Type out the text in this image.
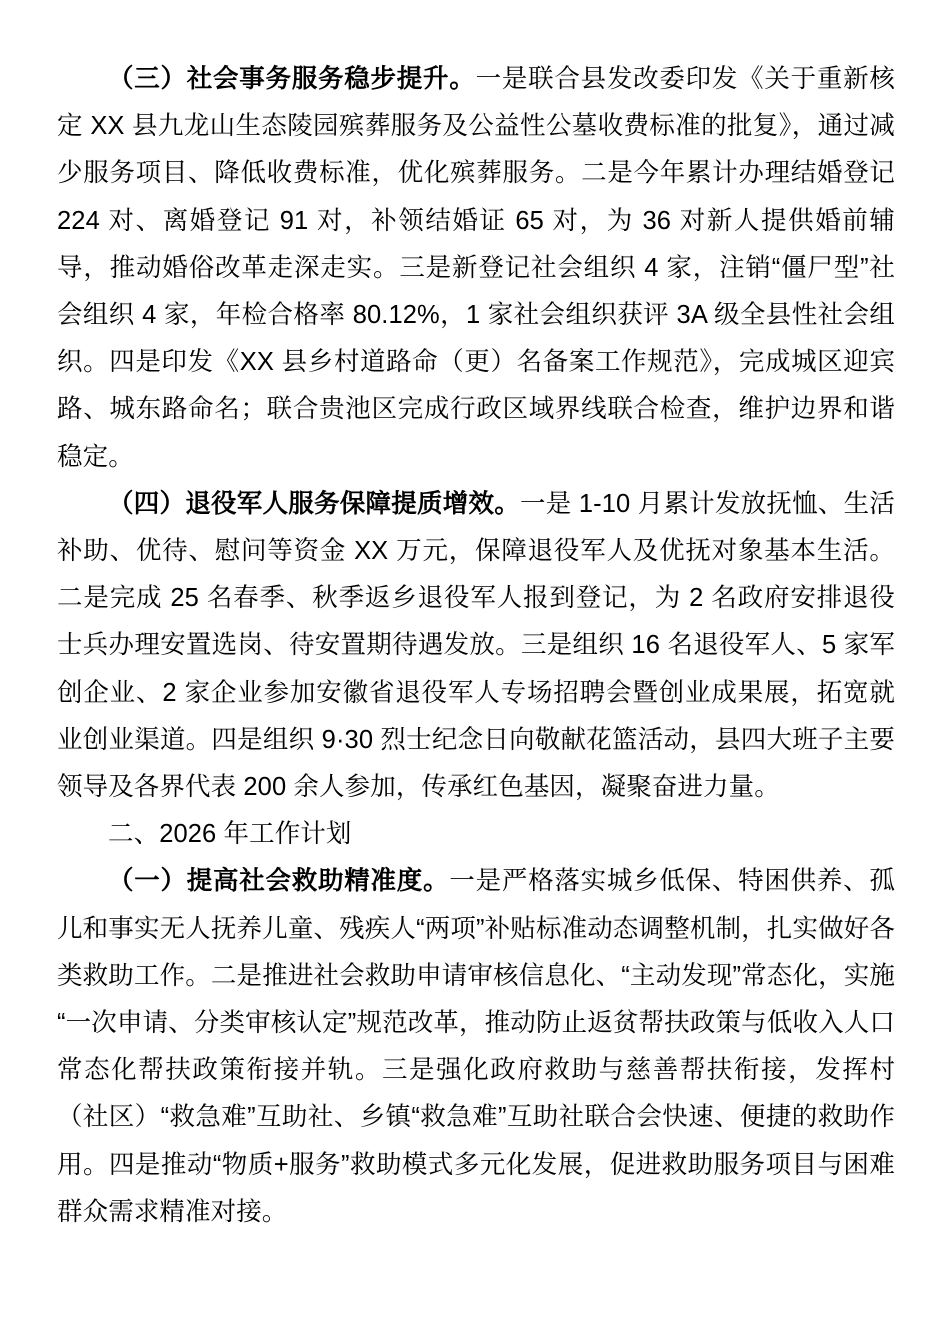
（三）社会事务服务稳步提升。一是联合县发改委印发《关于重新核定 XX 县九龙山生态陵园殡葬服务及公益性公墓收费标准的批复》，通过减少服务项目、降低收费标准，优化殡葬服务。二是今年累计办理结婚登记 224 对、离婚登记 91 对，补领结婚证 65 对，为 36 对新人提供婚前辅导，推动婚俗改革走深走实。三是新登记社会组织 4 家，注销“僵尸型”社会组织 4 家，年检合格率 80.12%，1 家社会组织获评 3A 级全县性社会组织。四是印发《XX 县乡村道路命（更）名备案工作规范》，完成城区迎宾路、城东路命名；联合贵池区完成行政区域界线联合检查，维护边界和谐稳定。

（四）退役军人服务保障提质增效。一是 1-10 月累计发放抚恤、生活补助、优待、慰问等资金 XX 万元，保障退役军人及优抚对象基本生活。二是完成 25 名春季、秋季返乡退役军人报到登记，为 2 名政府安排退役士兵办理安置选岗、待安置期待遇发放。三是组织 16 名退役军人、5 家军创企业、2 家企业参加安徽省退役军人专场招聘会暨创业成果展，拓宽就业创业渠道。四是组织 9·30 烈士纪念日向敬献花篮活动，县四大班子主要领导及各界代表 200 余人参加，传承红色基因，凝聚奋进力量。

二、2026 年工作计划

（一）提高社会救助精准度。一是严格落实城乡低保、特困供养、孤儿和事实无人抚养儿童、残疾人“两项”补贴标准动态调整机制，扎实做好各类救助工作。二是推进社会救助申请审核信息化、“主动发现”常态化，实施“一次申请、分类审核认定”规范改革，推动防止返贫帮扶政策与低收入人口常态化帮扶政策衔接并轨。三是强化政府救助与慈善帮扶衔接，发挥村（社区）“救急难”互助社、乡镇“救急难”互助社联合会快速、便捷的救助作用。四是推动“物质+服务”救助模式多元化发展，促进救助服务项目与困难群众需求精准对接。
